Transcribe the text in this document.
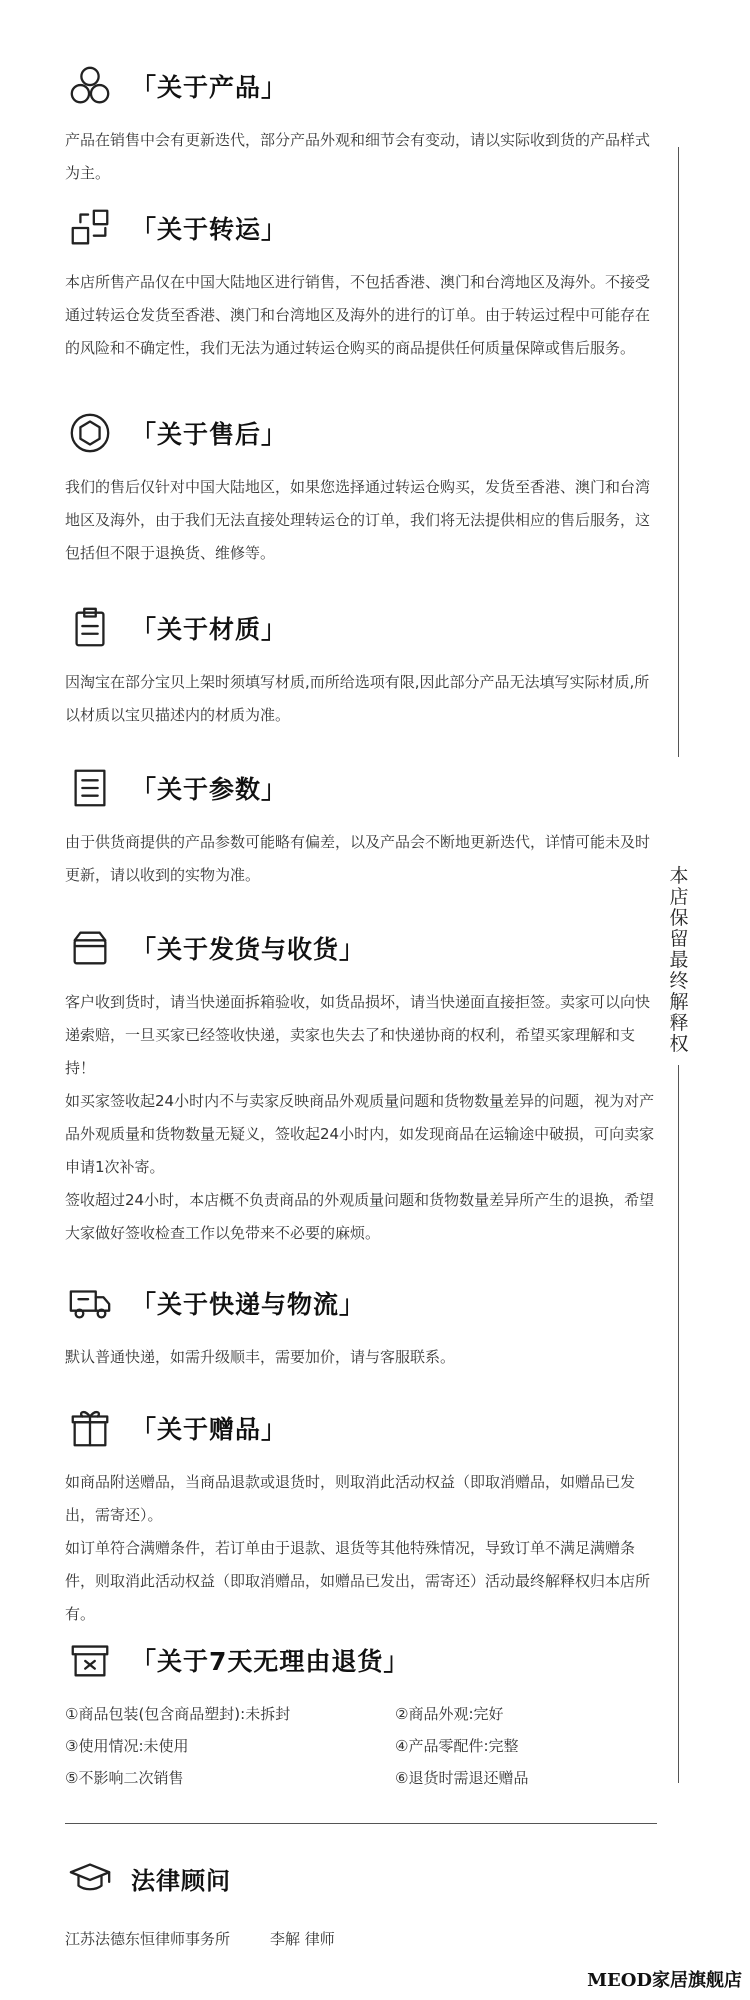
「关于产品」

产品在销售中会有更新迭代，部分产品外观和细节会有变动，请以实际收到货的产品样式为主。

「关于转运」

本店所售产品仅在中国大陆地区进行销售，不包括香港、澳门和台湾地区及海外。不接受通过转运仓发货至香港、澳门和台湾地区及海外的进行的订单。由于转运过程中可能存在的风险和不确定性，我们无法为通过转运仓购买的商品提供任何质量保障或售后服务。

「关于售后」

我们的售后仅针对中国大陆地区，如果您选择通过转运仓购买，发货至香港、澳门和台湾地区及海外，由于我们无法直接处理转运仓的订单，我们将无法提供相应的售后服务，这包括但不限于退换货、维修等。

「关于材质」

因淘宝在部分宝贝上架时须填写材质,而所给选项有限,因此部分产品无法填写实际材质,所以材质以宝贝描述内的材质为准。

「关于参数」

由于供货商提供的产品参数可能略有偏差，以及产品会不断地更新迭代，详情可能未及时更新，请以收到的实物为准。

「关于发货与收货」

客户收到货时，请当快递面拆箱验收，如货品损坏，请当快递面直接拒签。卖家可以向快递索赔，一旦买家已经签收快递，卖家也失去了和快递协商的权利，希望买家理解和支持！

如买家签收起24小时内不与卖家反映商品外观质量问题和货物数量差异的问题，视为对产品外观质量和货物数量无疑义，签收起24小时内，如发现商品在运输途中破损，可向卖家申请1次补寄。

签收超过24小时，本店概不负责商品的外观质量问题和货物数量差异所产生的退换，希望大家做好签收检查工作以免带来不必要的麻烦。

「关于快递与物流」

默认普通快递，如需升级顺丰，需要加价，请与客服联系。

「关于赠品」

如商品附送赠品，当商品退款或退货时，则取消此活动权益（即取消赠品，如赠品已发出，需寄还）。

如订单符合满赠条件，若订单由于退款、退货等其他特殊情况，导致订单不满足满赠条件，则取消此活动权益（即取消赠品，如赠品已发出，需寄还）活动最终解释权归本店所有。

「关于7天无理由退货」
①商品包装(包含商品塑封):未拆封	②商品外观:完好
③使用情况:未使用	④产品零配件:完整
⑤不影响二次销售	⑥退货时需退还赠品
本店保留最终解释权
法律顾问
江苏法德东恒律师事务所	李解 律师
MEOD家居旗舰店
